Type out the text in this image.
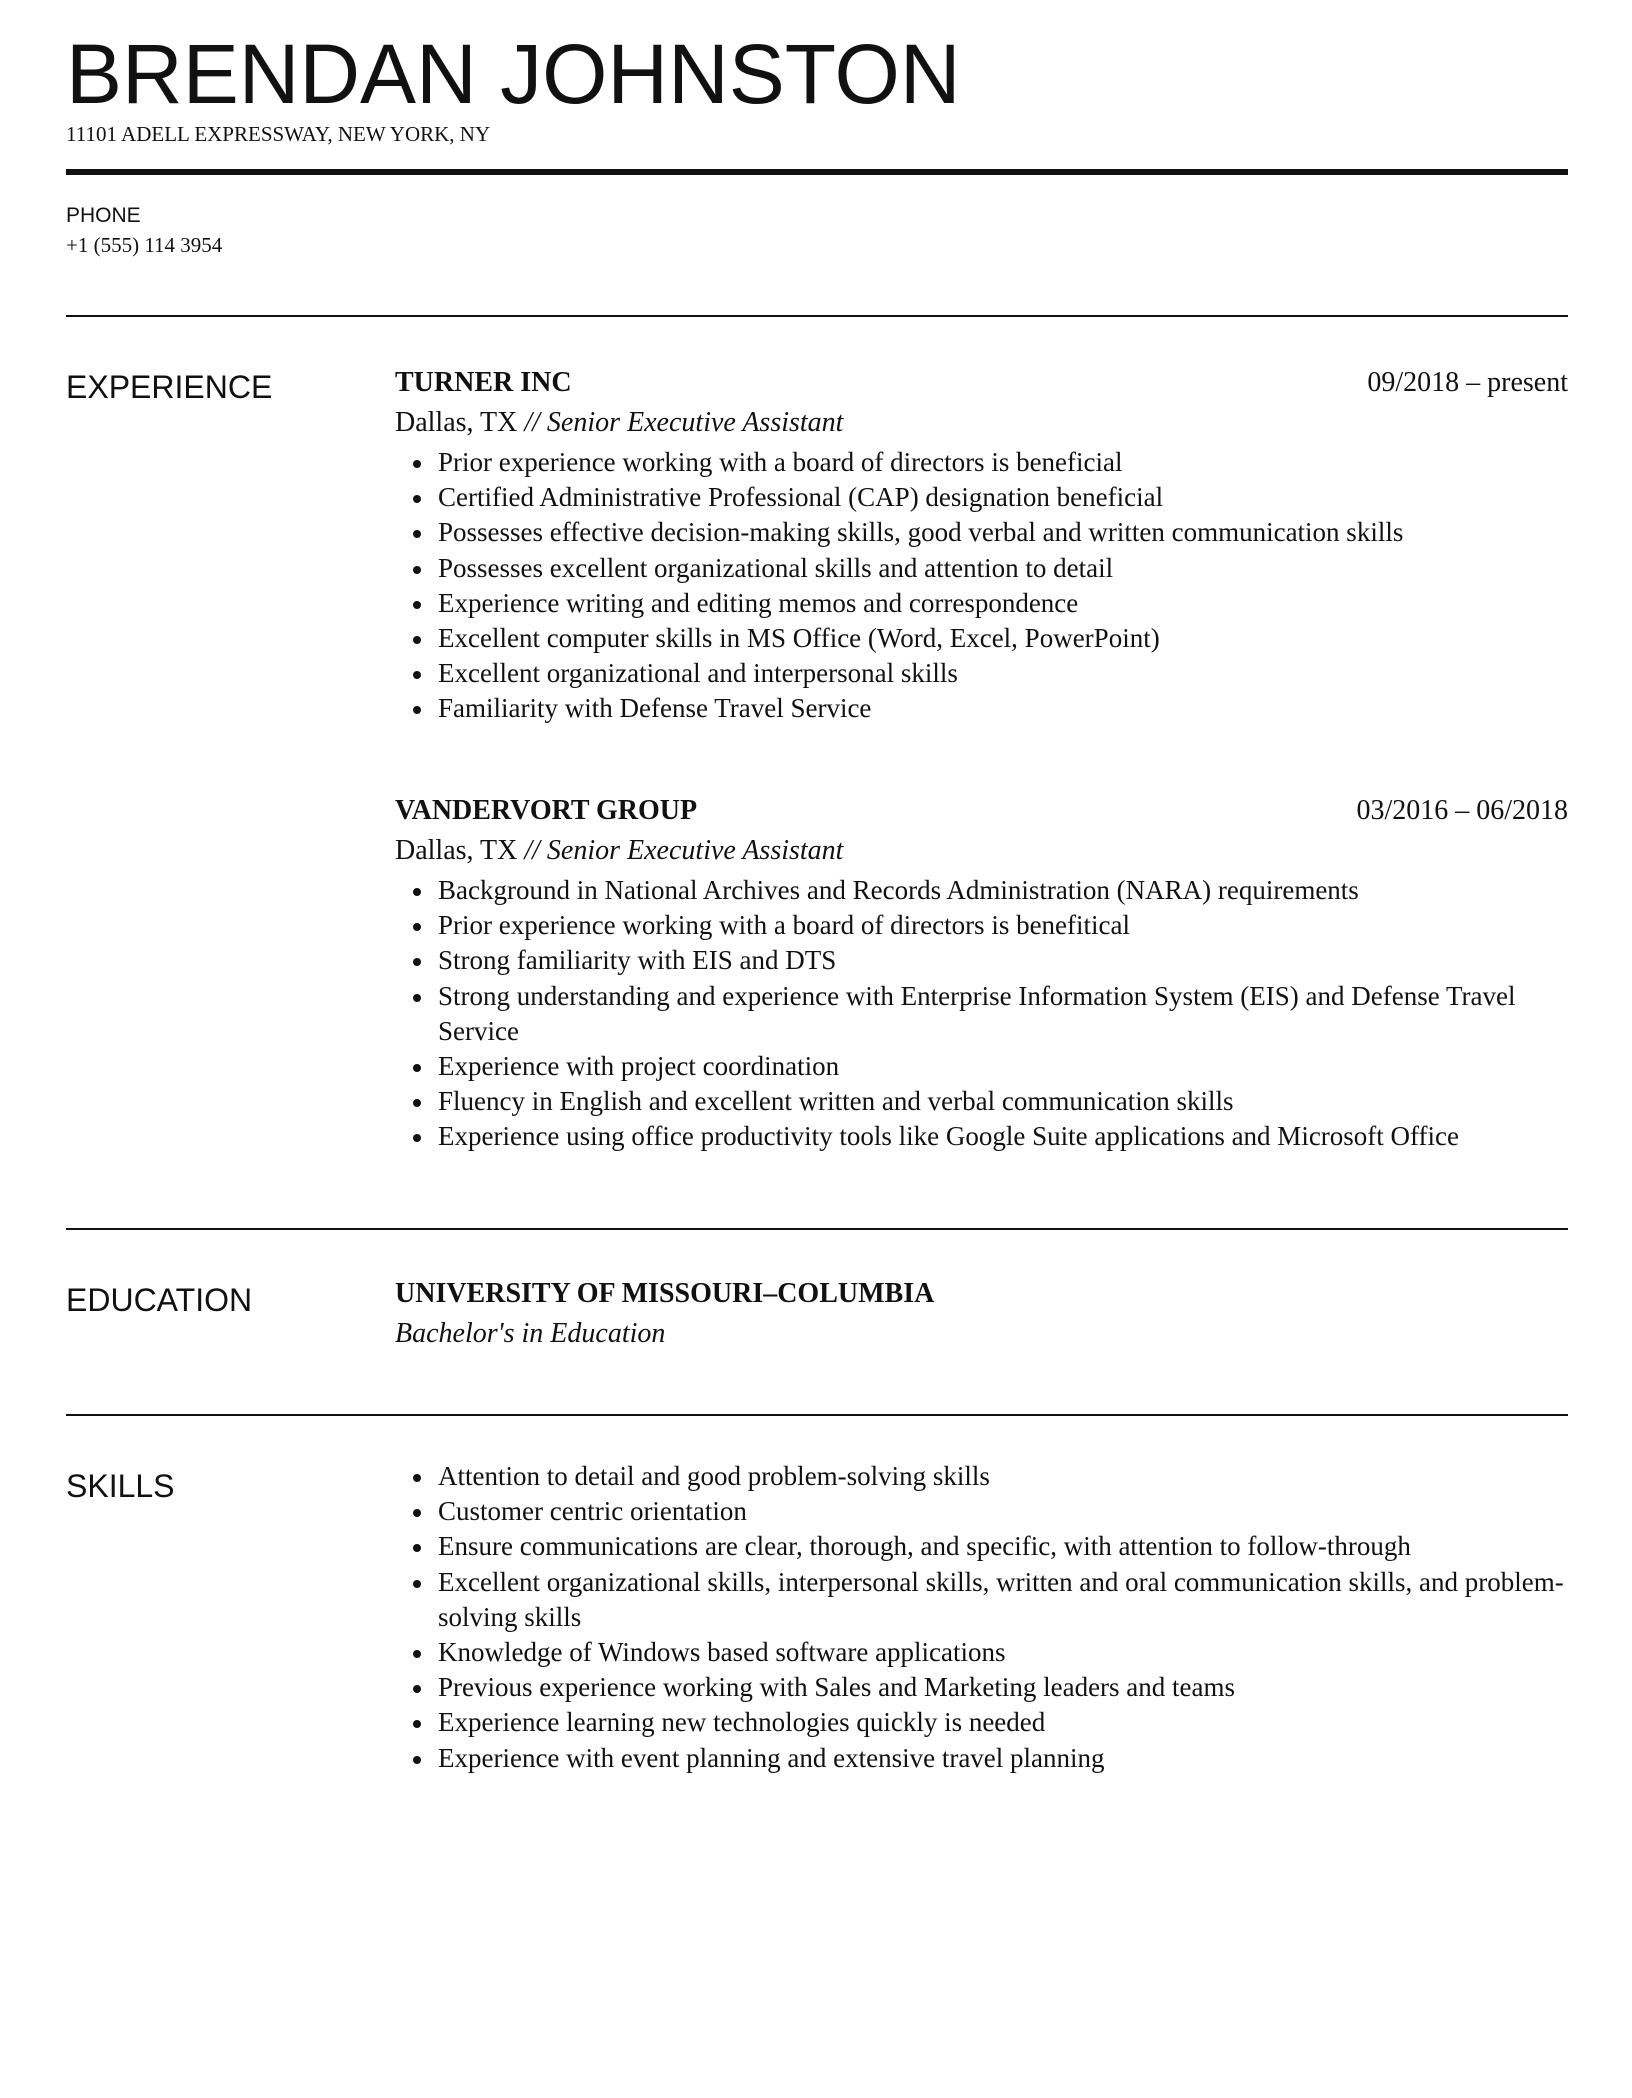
BRENDAN JOHNSTON
11101 ADELL EXPRESSWAY, NEW YORK, NY
PHONE
+1 (555) 114 3954
EXPERIENCE	TURNER INC	09/2018 – present
Dallas, TX // Senior Executive Assistant
Prior experience working with a board of directors is beneficial
Certified Administrative Professional (CAP) designation beneficial
Possesses effective decision-making skills, good verbal and written communication skills
Possesses excellent organizational skills and attention to detail
Experience writing and editing memos and correspondence
Excellent computer skills in MS Office (Word, Excel, PowerPoint)
Excellent organizational and interpersonal skills
Familiarity with Defense Travel Service
VANDERVORT GROUP	03/2016 – 06/2018
Dallas, TX // Senior Executive Assistant
Background in National Archives and Records Administration (NARA) requirements
Prior experience working with a board of directors is benefitical
Strong familiarity with EIS and DTS
Strong understanding and experience with Enterprise Information System (EIS) and Defense Travel Service
Experience with project coordination
Fluency in English and excellent written and verbal communication skills
Experience using office productivity tools like Google Suite applications and Microsoft Office
EDUCATION	UNIVERSITY OF MISSOURI–COLUMBIA
Bachelor's in Education
SKILLS	Attention to detail and good problem-solving skills
Customer centric orientation
Ensure communications are clear, thorough, and specific, with attention to follow-through
Excellent organizational skills, interpersonal skills, written and oral communication skills, and problem-solving skills
Knowledge of Windows based software applications
Previous experience working with Sales and Marketing leaders and teams
Experience learning new technologies quickly is needed
Experience with event planning and extensive travel planning
